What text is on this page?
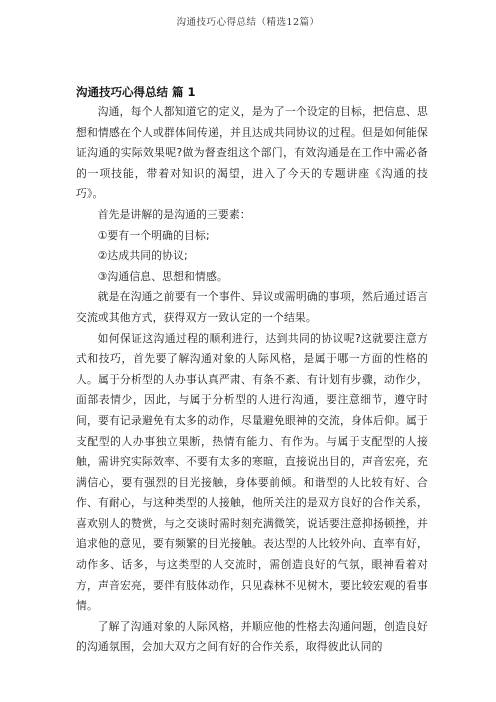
沟通技巧心得总结（精选12篇）
沟通技巧心得总结 篇 1

沟通，每个人都知道它的定义，是为了一个设定的目标，把信息、思想和情感在个人或群体间传递，并且达成共同协议的过程。但是如何能保证沟通的实际效果呢?做为督查组这个部门，有效沟通是在工作中需必备的一项技能，带着对知识的渴望，进入了今天的专题讲座《沟通的技巧》。

首先是讲解的是沟通的三要素：

①要有一个明确的目标;

②达成共同的协议;

③沟通信息、思想和情感。

就是在沟通之前要有一个事件、异议或需明确的事项，然后通过语言交流或其他方式，获得双方一致认定的一个结果。

如何保证这沟通过程的顺利进行，达到共同的协议呢?这就要注意方式和技巧，首先要了解沟通对象的人际风格，是属于哪一方面的性格的人。属于分析型的人办事认真严肃、有条不紊、有计划有步骤，动作少，面部表情少，因此，与属于分析型的人进行沟通，要注意细节，遵守时间，要有记录避免有太多的动作，尽量避免眼神的交流，身体后仰。属于支配型的人办事独立果断，热情有能力、有作为。与属于支配型的人接触，需讲究实际效率、不要有太多的寒暄，直接说出目的，声音宏亮，充满信心，要有强烈的目光接触，身体要前倾。和谐型的人比较有好、合作、有耐心，与这种类型的人接触，他所关注的是双方良好的合作关系，喜欢别人的赞赏，与之交谈时需时刻充满微笑，说话要注意抑扬顿挫，并追求他的意见，要有频繁的目光接触。表达型的人比较外向、直率有好，动作多、话多，与这类型的人交流时，需创造良好的气氛，眼神看着对方，声音宏亮，要伴有肢体动作，只见森林不见树木，要比较宏观的看事情。

了解了沟通对象的人际风格，并顺应他的性格去沟通问题，创造良好的沟通氛围，会加大双方之间有好的合作关系，取得彼此认同的
